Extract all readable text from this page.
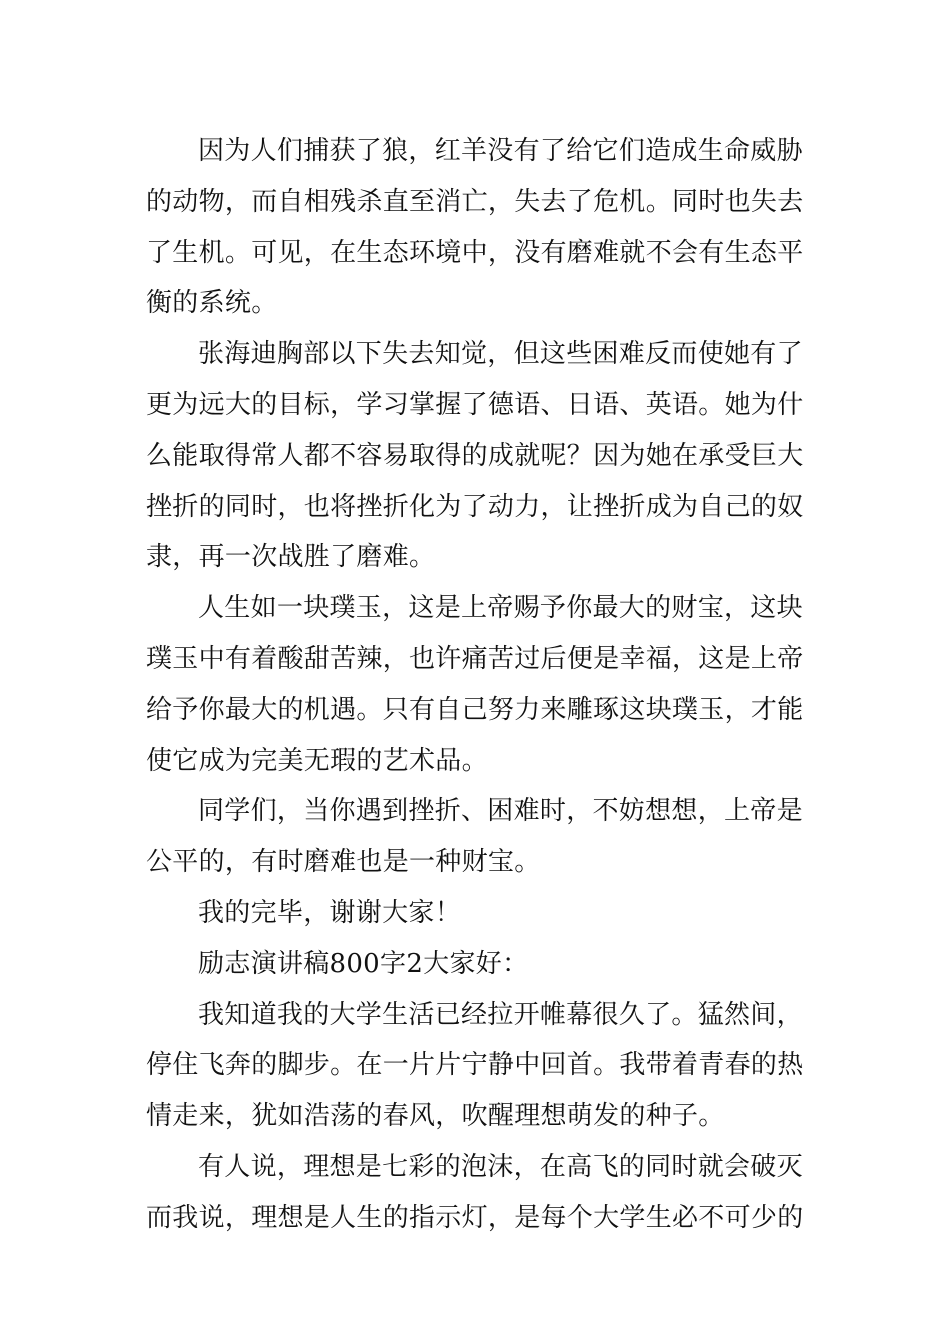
因为人们捕获了狼，红羊没有了给它们造成生命威胁
的动物，而自相残杀直至消亡，失去了危机。同时也失去
了生机。可见，在生态环境中，没有磨难就不会有生态平
衡的系统。

张海迪胸部以下失去知觉，但这些困难反而使她有了
更为远大的目标，学习掌握了德语、日语、英语。她为什
么能取得常人都不容易取得的成就呢？因为她在承受巨大
挫折的同时，也将挫折化为了动力，让挫折成为自己的奴
隶，再一次战胜了磨难。

人生如一块璞玉，这是上帝赐予你最大的财宝，这块
璞玉中有着酸甜苦辣，也许痛苦过后便是幸福，这是上帝
给予你最大的机遇。只有自己努力来雕琢这块璞玉，才能
使它成为完美无瑕的艺术品。

同学们，当你遇到挫折、困难时，不妨想想，上帝是
公平的，有时磨难也是一种财宝。

我的完毕，谢谢大家！

励志演讲稿800字2大家好：

我知道我的大学生活已经拉开帷幕很久了。猛然间，
停住飞奔的脚步。在一片片宁静中回首。我带着青春的热
情走来，犹如浩荡的春风，吹醒理想萌发的种子。

有人说，理想是七彩的泡沫，在高飞的同时就会破灭
而我说，理想是人生的指示灯，是每个大学生必不可少的
